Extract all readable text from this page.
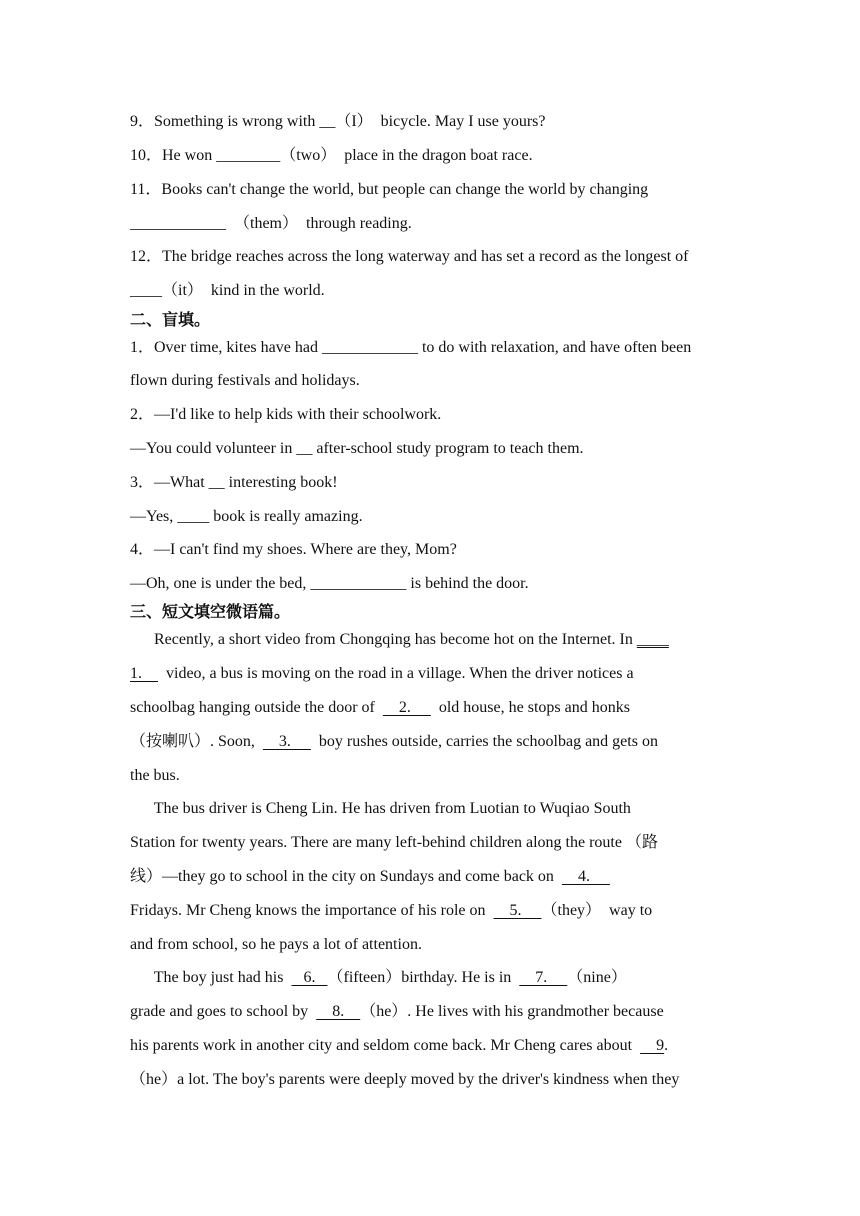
9．Something is wrong with __（I）  bicycle. May I use yours?
10．He won ________（two）  place in the dragon boat race.
11．Books can't change the world, but people can change the world by changing
____________  （them）  through reading.
12．The bridge reaches across the long waterway and has set a record as the longest of
____（it）  kind in the world.
二、盲填。
1．Over time, kites have had ____________ to do with relaxation, and have often been
flown during festivals and holidays.
2．—I'd like to help kids with their schoolwork.
—You could volunteer in __ after-school study program to teach them.
3．—What __ interesting book!
—Yes, ____ book is really amazing.
4．—I can't find my shoes. Where are they, Mom?
—Oh, one is under the bed, ____________ is behind the door.
三、短文填空微语篇。
Recently, a short video from Chongqing has become hot on the Internet. In ____
1.      video, a bus is moving on the road in a village. When the driver notices a
schoolbag hanging outside the door of      2.       old house, he stops and honks
（按喇叭）. Soon,      3.       boy rushes outside, carries the schoolbag and gets on
the bus.
The bus driver is Cheng Lin. He has driven from Luotian to Wuqiao South
Station for twenty years. There are many left-behind children along the route （路
线）—they go to school in the city on Sundays and come back on      4.
Fridays. Mr Cheng knows the importance of his role on      5.     （they）  way to
and from school, so he pays a lot of attention.
The boy just had his     6.   （fifteen）birthday. He is in      7.     （nine）
grade and goes to school by      8.    （he）. He lives with his grandmother because
his parents work in another city and seldom come back. Mr Cheng cares about      9.
（he）a lot. The boy's parents were deeply moved by the driver's kindness when they
